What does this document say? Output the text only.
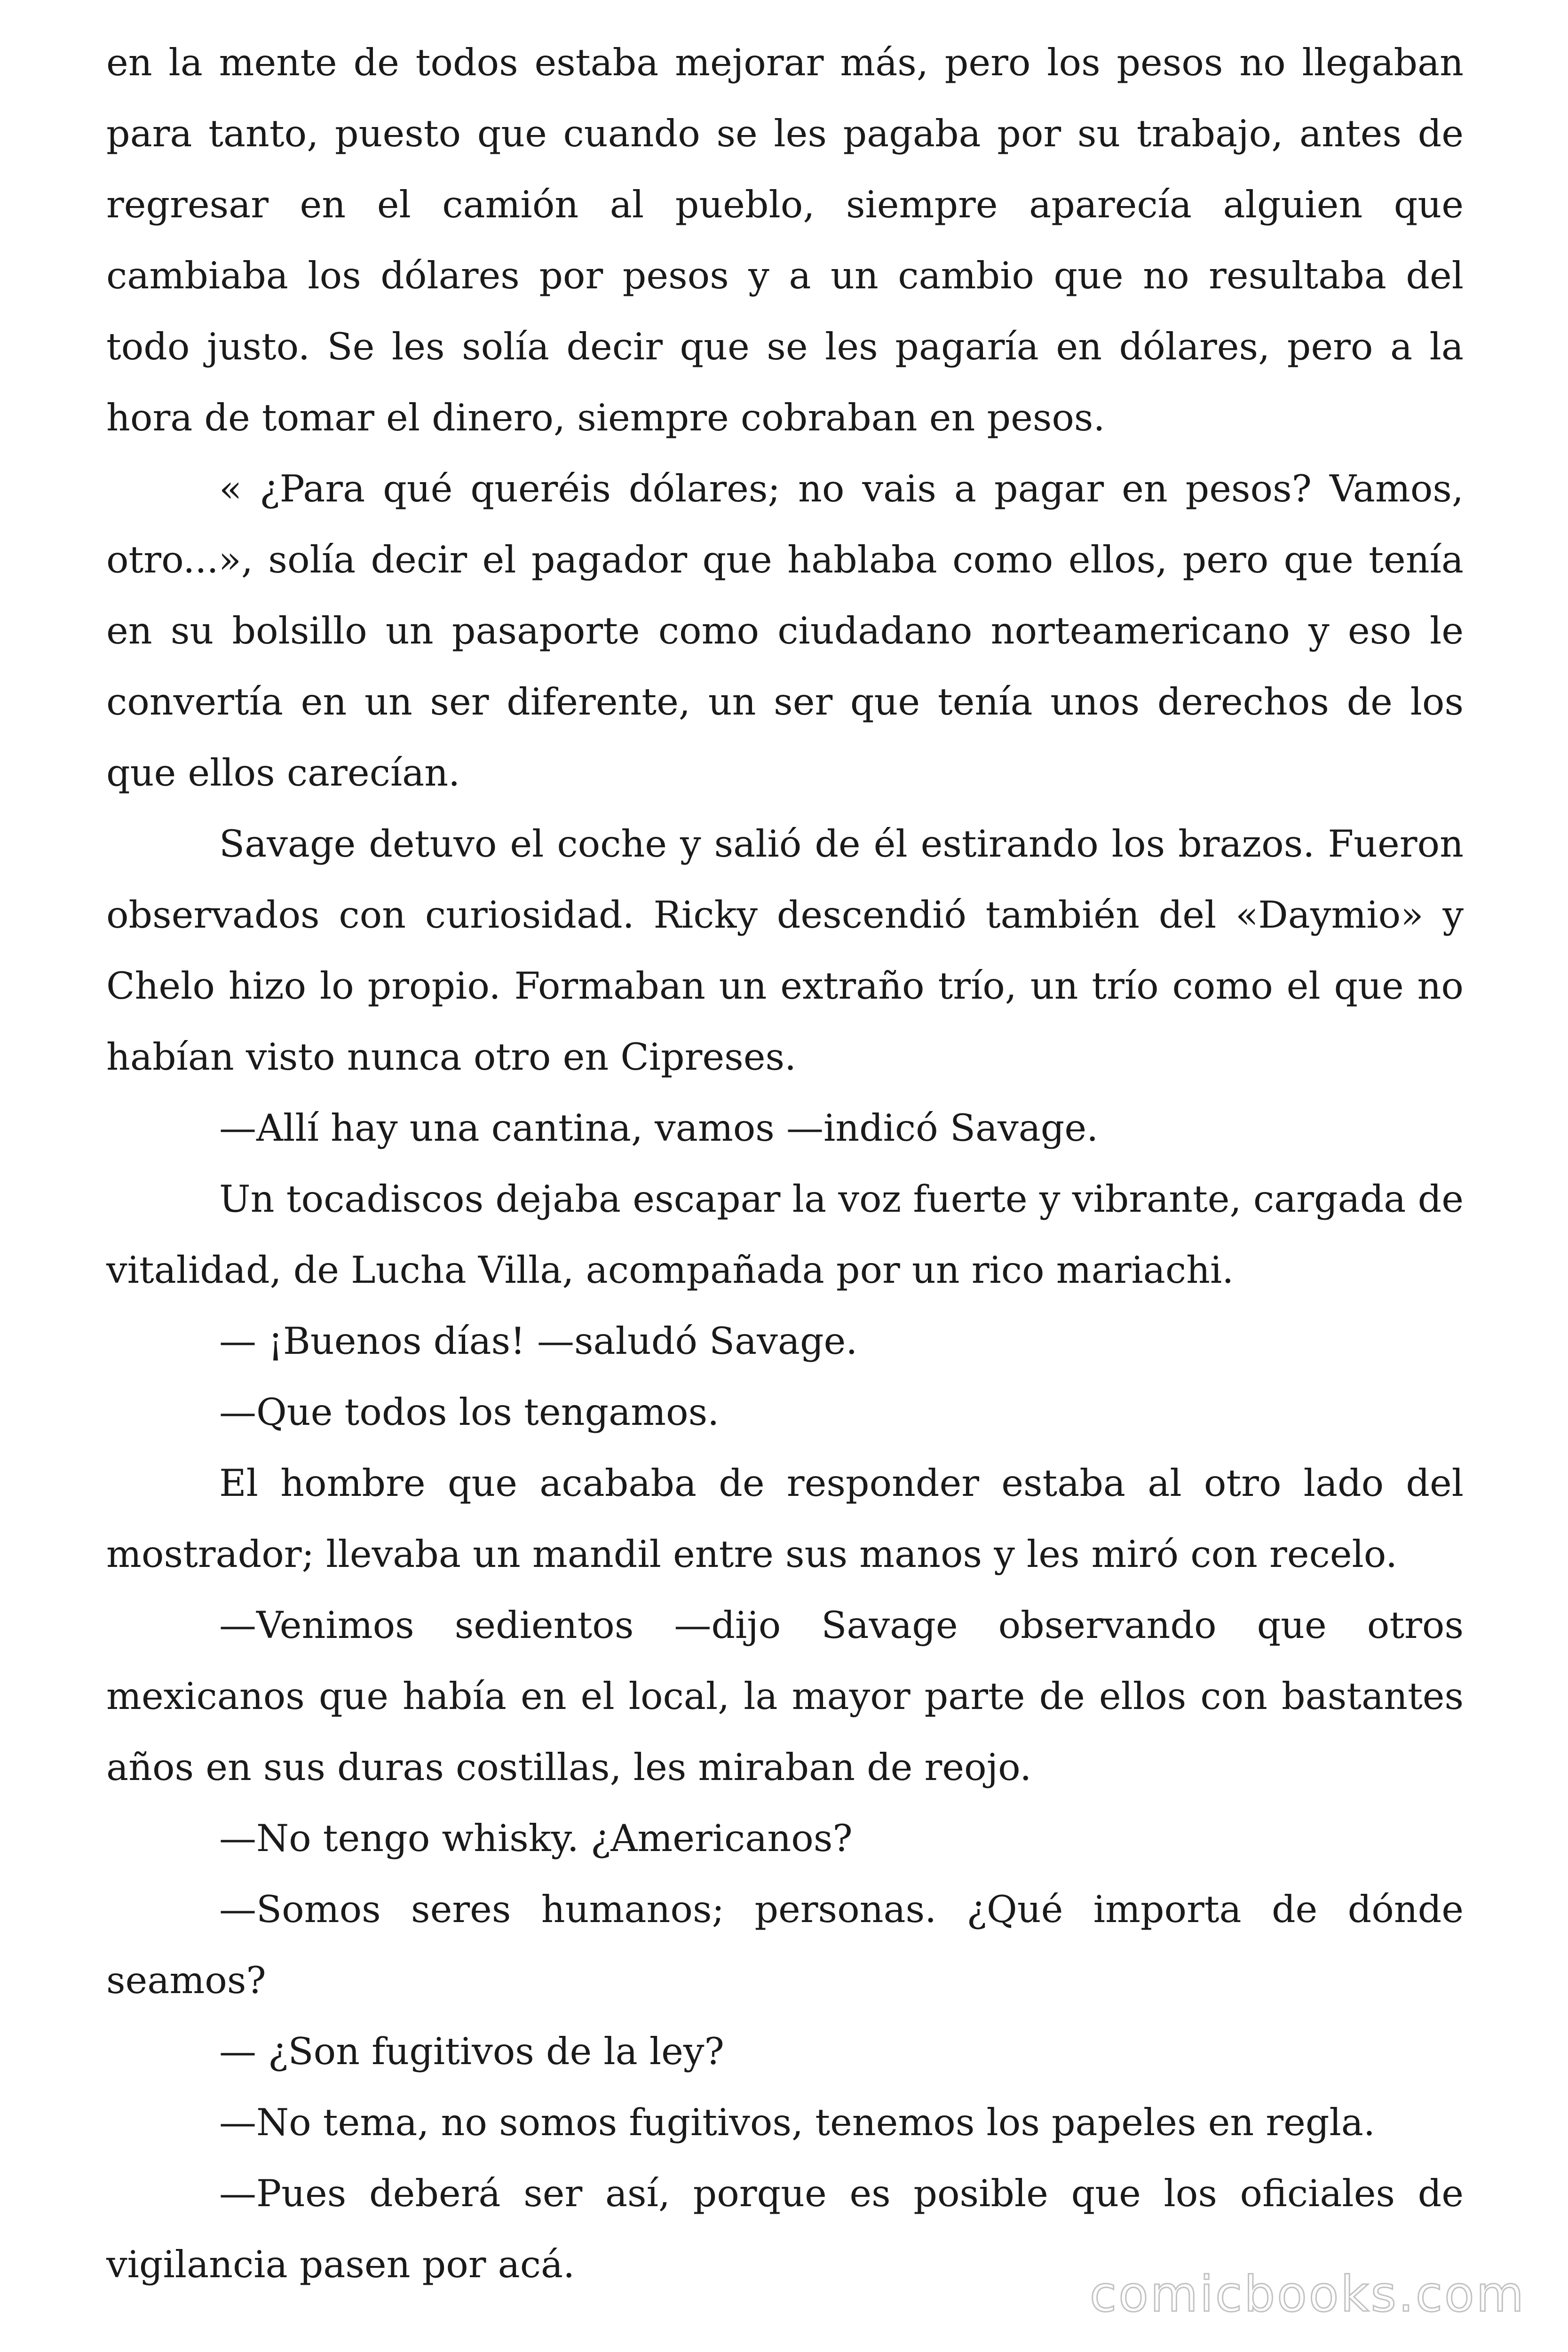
en la mente de todos estaba mejorar más, pero los pesos no llegaban para tanto, puesto que cuando se les pagaba por su trabajo, antes de regresar en el camión al pueblo, siempre aparecía alguien que cambiaba los dólares por pesos y a un cambio que no resultaba del todo justo. Se les solía decir que se les pagaría en dólares, pero a la hora de tomar el dinero, siempre cobraban en pesos.

« ¿Para qué queréis dólares; no vais a pagar en pesos? Vamos, otro...», solía decir el pagador que hablaba como ellos, pero que tenía en su bolsillo un pasaporte como ciudadano norteamericano y eso le convertía en un ser diferente, un ser que tenía unos derechos de los que ellos carecían.

Savage detuvo el coche y salió de él estirando los brazos. Fueron observados con curiosidad. Ricky descendió también del «Daymio» y Chelo hizo lo propio. Formaban un extraño trío, un trío como el que no habían visto nunca otro en Cipreses.

—Allí hay una cantina, vamos —indicó Savage.

Un tocadiscos dejaba escapar la voz fuerte y vibrante, cargada de vitalidad, de Lucha Villa, acompañada por un rico mariachi.

— ¡Buenos días! —saludó Savage.

—Que todos los tengamos.

El hombre que acababa de responder estaba al otro lado del mostrador; llevaba un mandil entre sus manos y les miró con recelo.

—Venimos sedientos —dijo Savage observando que otros mexicanos que había en el local, la mayor parte de ellos con bastantes años en sus duras costillas, les miraban de reojo.

—No tengo whisky. ¿Americanos?

—Somos seres humanos; personas. ¿Qué importa de dónde seamos?

— ¿Son fugitivos de la ley?

—No tema, no somos fugitivos, tenemos los papeles en regla.

—Pues deberá ser así, porque es posible que los oficiales de vigilancia pasen por acá.

comicbooks.com
